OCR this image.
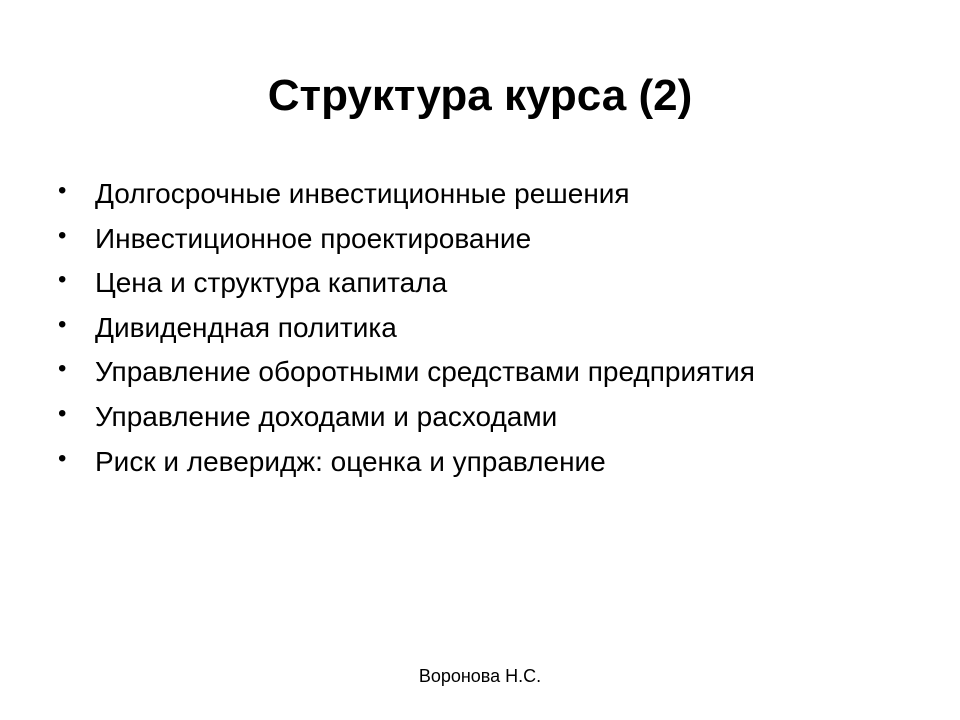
Структура курса (2)
• Долгосрочные инвестиционные решения
• Инвестиционное проектирование
• Цена и структура капитала
• Дивидендная политика
• Управление оборотными средствами предприятия
• Управление доходами и расходами
• Риск и леверидж: оценка и управление
Воронова Н.С.
